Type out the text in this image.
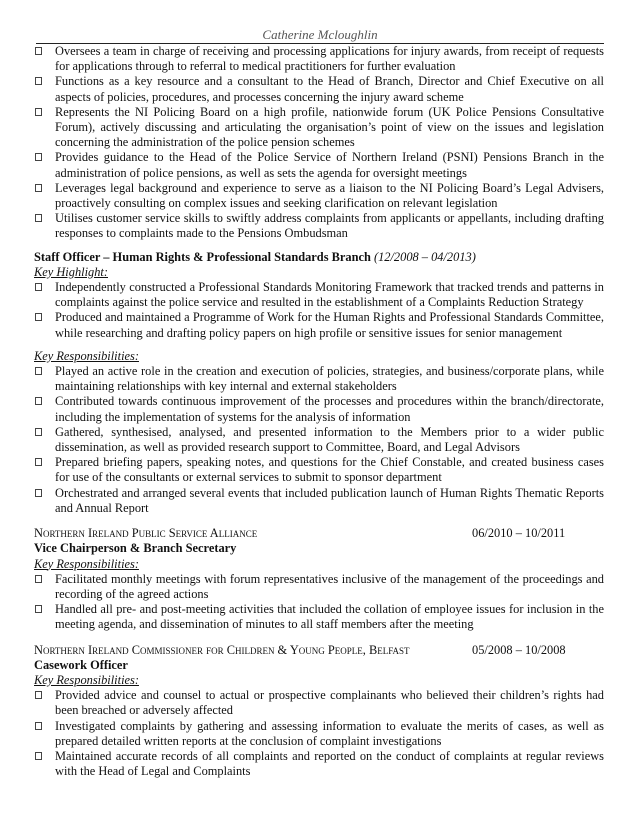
Catherine Mcloughlin
Oversees a team in charge of receiving and processing applications for injury awards, from receipt of requests for applications through to referral to medical practitioners for further evaluation
Functions as a key resource and a consultant to the Head of Branch, Director and Chief Executive on all aspects of policies, procedures, and processes concerning the injury award scheme
Represents the NI Policing Board on a high profile, nationwide forum (UK Police Pensions Consultative Forum), actively discussing and articulating the organisation’s point of view on the issues and legislation concerning the administration of the police pension schemes
Provides guidance to the Head of the Police Service of Northern Ireland (PSNI) Pensions Branch in the administration of police pensions, as well as sets the agenda for oversight meetings
Leverages legal background and experience to serve as a liaison to the NI Policing Board’s Legal Advisers, proactively consulting on complex issues and seeking clarification on relevant legislation
Utilises customer service skills to swiftly address complaints from applicants or appellants, including drafting responses to complaints made to the Pensions Ombudsman
Staff Officer – Human Rights & Professional Standards Branch (12/2008 – 04/2013)
Key Highlight:
Independently constructed a Professional Standards Monitoring Framework that tracked trends and patterns in complaints against the police service and resulted in the establishment of a Complaints Reduction Strategy
Produced and maintained a Programme of Work for the Human Rights and Professional Standards Committee, while researching and drafting policy papers on high profile or sensitive issues for senior management
Key Responsibilities:
Played an active role in the creation and execution of policies, strategies, and business/corporate plans, while maintaining relationships with key internal and external stakeholders
Contributed towards continuous improvement of the processes and procedures within the branch/directorate, including the implementation of systems for the analysis of information
Gathered, synthesised, analysed, and presented information to the Members prior to a wider public dissemination, as well as provided research support to Committee, Board, and Legal Advisors
Prepared briefing papers, speaking notes, and questions for the Chief Constable, and created business cases for use of the consultants or external services to submit to sponsor department
Orchestrated and arranged several events that included publication launch of Human Rights Thematic Reports and Annual Report
Northern Ireland Public Service Alliance	06/2010 – 10/2011
Vice Chairperson & Branch Secretary
Key Responsibilities:
Facilitated monthly meetings with forum representatives inclusive of the management of the proceedings and recording of the agreed actions
Handled all pre- and post-meeting activities that included the collation of employee issues for inclusion in the meeting agenda, and dissemination of minutes to all staff members after the meeting
Northern Ireland Commissioner for Children & Young People, Belfast	05/2008 – 10/2008
Casework Officer
Key Responsibilities:
Provided advice and counsel to actual or prospective complainants who believed their children’s rights had been breached or adversely affected
Investigated complaints by gathering and assessing information to evaluate the merits of cases, as well as prepared detailed written reports at the conclusion of complaint investigations
Maintained accurate records of all complaints and reported on the conduct of complaints at regular reviews with the Head of Legal and Complaints
